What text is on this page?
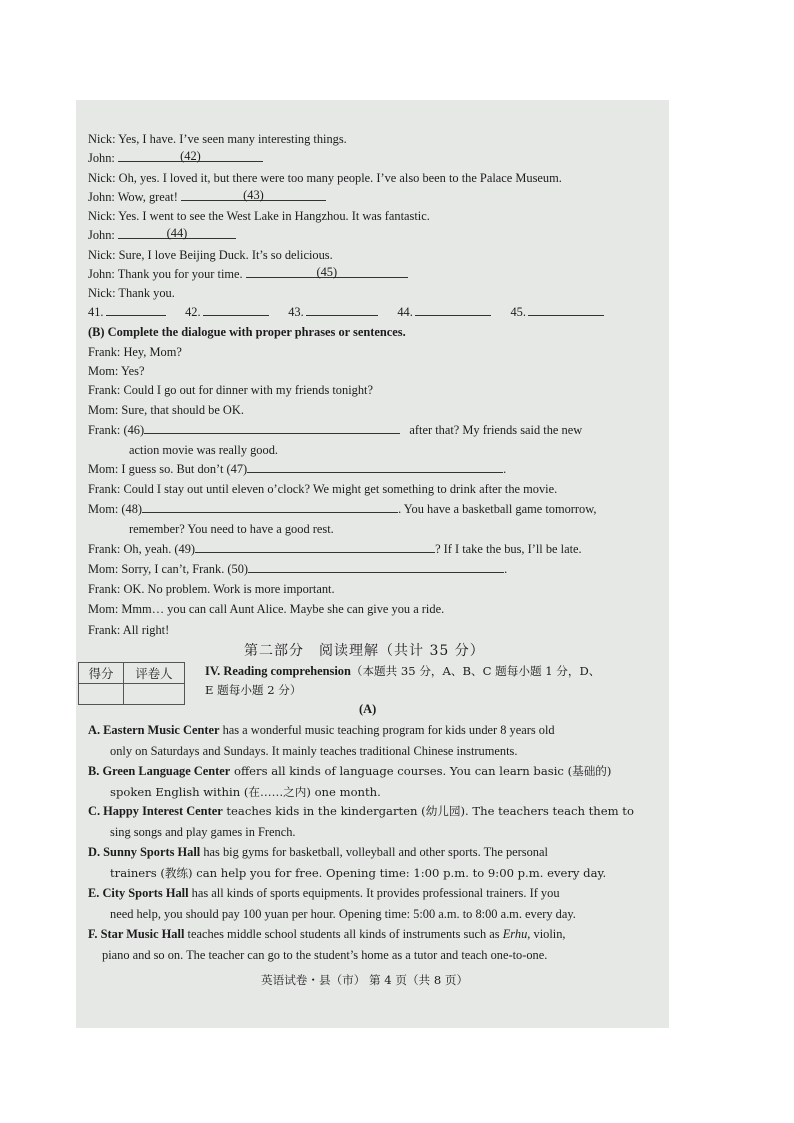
Nick: Yes, I have. I’ve seen many interesting things.
John:	(42)
Nick: Oh, yes. I loved it, but there were too many people. I’ve also been to the Palace Museum.
John: Wow, great!	(43)
Nick: Yes. I went to see the West Lake in Hangzhou. It was fantastic.
John:	(44)
Nick: Sure, I love Beijing Duck. It’s so delicious.
John: Thank you for your time.	(45)
Nick: Thank you.
41.	42.	43.	44.	45.
(B) Complete the dialogue with proper phrases or sentences.
Frank: Hey, Mom?
Mom: Yes?
Frank: Could I go out for dinner with my friends tonight?
Mom: Sure, that should be OK.
Frank: (46)	after that? My friends said the new
action movie was really good.
Mom: I guess so. But don’t (47)	.
Frank: Could I stay out until eleven o’clock? We might get something to drink after the movie.
Mom: (48)	. You have a basketball game tomorrow,
remember? You need to have a good rest.
Frank: Oh, yeah. (49)	? If I take the bus, I’ll be late.
Mom: Sorry, I can’t, Frank. (50)	.
Frank: OK. No problem. Work is more important.
Mom: Mmm… you can call Aunt Alice. Maybe she can give you a ride.
Frank: All right!
第二部分　阅读理解（共计 35 分）
得分	评卷人
		IV. Reading comprehension（本题共 35 分，A、B、C 题每小题 1 分，D、
E 题每小题 2 分）
(A)
A. Eastern Music Center has a wonderful music teaching program for kids under 8 years old
only on Saturdays and Sundays. It mainly teaches traditional Chinese instruments.
B. Green Language Center offers all kinds of language courses. You can learn basic (基础的)
spoken English within (在……之内) one month.
C. Happy Interest Center teaches kids in the kindergarten (幼儿园). The teachers teach them to
sing songs and play games in French.
D. Sunny Sports Hall has big gyms for basketball, volleyball and other sports. The personal
trainers (教练) can help you for free. Opening time: 1:00 p.m. to 9:00 p.m. every day.
E. City Sports Hall has all kinds of sports equipments. It provides professional trainers. If you
need help, you should pay 100 yuan per hour. Opening time: 5:00 a.m. to 8:00 a.m. every day.
F. Star Music Hall teaches middle school students all kinds of instruments such as Erhu, violin,
piano and so on. The teacher can go to the student’s home as a tutor and teach one-to-one.
英语试卷・县（市） 第 4 页（共 8 页）
